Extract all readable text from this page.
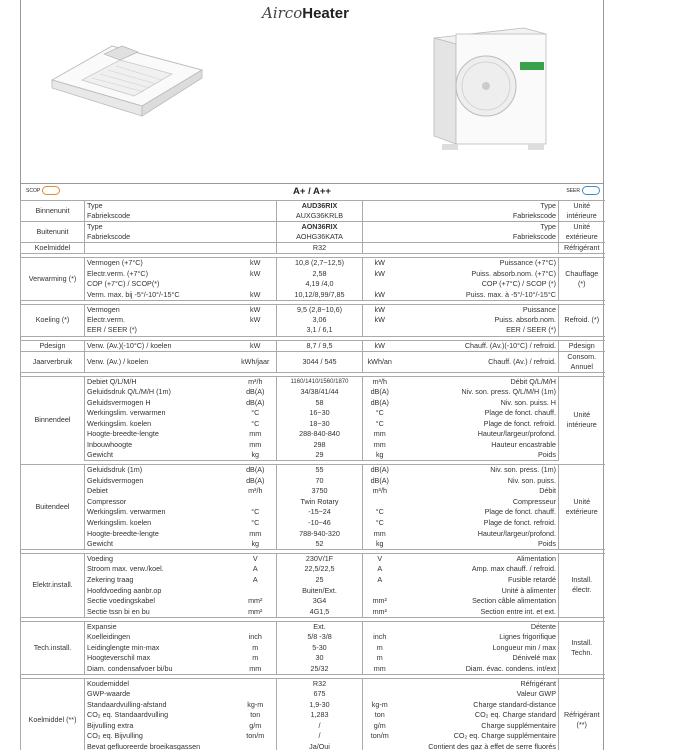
AircoHeater
SCOP	A+ / A++	SEER
Binnenunit	Type		AUD36RIX		Type	Unité intérieure
	Fabriekscode		AUXG36KRLB		Fabriekscode	
Buitenunit	Type		AON36RIX		Type	Unité extérieure
	Fabriekscode		AOHG36KATA		Fabriekscode	
Koelmiddel			R32			Réfrigérant

Verwarming (*)	Vermogen (+7°C)	kW	10,8 (2,7~12,5)	kW	Puissance (+7°C)	Chauffage (*)
	Electr.verm. (+7°C)	kW	2,58	kW	Puiss. absorb.nom. (+7°C)	
	COP (+7°C) / SCOP(*)		4,19 /4,0		COP (+7°C) / SCOP (*)	
	Verm. max. bij -5°/-10°/-15°C	kW	10,12/8,99/7,85	kW	Puiss. max. à -5°/-10°/-15°C	

Koeling (*)	Vermogen	kW	9,5 (2,8~10,6)	kW	Puissance	Refroid. (*)
	Electr.verm.	kW	3,06	kW	Puiss. absorb.nom.	
	EER / SEER (*)		3,1 / 6,1		EER / SEER (*)	

Pdesign	Verw. (Av.)(-10°C) / koelen	kW	8,7 / 9,5	kW	Chauff. (Av.)(-10°C) / refroid.	Pdesign
Jaarverbruik	Verw. (Av.) / koelen	kWh/jaar	3044 / 545	kWh/an	Chauff. (Av.) / refroid.	Consom. Annuel

Binnendeel	Debiet Q/L/M/H	m³/h	1160/1410/1560/1870	m³/h	Débit Q/L/M/H	Unité intérieure
	Geluidsdruk Q/L/M/H (1m)	dB(A)	34/38/41/44	dB(A)	Niv. son. press. Q/L/M/H (1m)	
	Geluidsvermogen H	dB(A)	58	dB(A)	Niv. son. puiss. H	
	Werkingslim. verwarmen	°C	16~30	°C	Plage de fonct. chauff.	
	Werkingslim. koelen	°C	18~30	°C	Plage de fonct. refroid.	
	Hoogte-breedte-lengte	mm	288-840-840	mm	Hauteur/largeur/profond.	
	Inbouwhoogte	mm	298	mm	Hauteur encastrable	
	Gewicht	kg	29	kg	Poids	

Buitendeel	Geluidsdruk (1m)	dB(A)	55	dB(A)	Niv. son. press. (1m)	Unité extérieure
	Geluidsvermogen	dB(A)	70	dB(A)	Niv. son. puiss.	
	Debiet	m³/h	3750	m³/h	Débit	
	Compressor		Twin Rotary		Compresseur	
	Werkingslim. verwarmen	°C	-15~24	°C	Plage de fonct. chauff.	
	Werkingslim. koelen	°C	-10~46	°C	Plage de fonct. refroid.	
	Hoogte-breedte-lengte	mm	788-940-320	mm	Hauteur/largeur/profond.	
	Gewicht	kg	52	kg	Poids	

Elektr.install.	Voeding	V	230V/1F	V	Alimentation	Install. électr.
	Stroom max. verw./koel.	A	22,5/22,5	A	Amp. max chauff. / refroid.	
	Zekering traag	A	25	A	Fusible retardé	
	Hoofdvoeding aanbr.op		Buiten/Ext.		Unité à alimenter	
	Sectie voedingskabel	mm²	3G4	mm²	Section câble alimentation	
	Sectie tssn bi en bu	mm²	4G1,5	mm²	Section entre int. et ext.	

Tech.install.	Expansie		Ext.		Détente	Install. Techn.
	Koelleidingen	inch	5/8 -3/8	inch	Lignes frigorifique	
	Leidinglengte min-max	m	5-30	m	Longueur min / max	
	Hoogteverschil max	m	30	m	Dénivelé max	
	Diam. condensafvoer bi/bu	mm	25/32	mm	Diam. évac. condens. int/ext	

Koelmiddel (**)	Koudemiddel		R32		Réfrigérant	Réfrigérant (**)
	GWP-waarde		675		Valeur GWP	
	Standaardvulling-afstand	kg-m	1,9-30	kg-m	Charge standard-distance	
	CO₂ eq. Standaardvulling	ton	1,283	ton	CO₂ eq. Charge standard	
	Bijvulling extra	g/m	/	g/m	Charge supplémentaire	
	CO₂ eq. Bijvulling	ton/m	/	ton/m	CO₂ eq. Charge supplémentaire	
	Bevat gefluoreerde broeikasgassen		Ja/Oui		Contient des gaz à effet de serre fluorés	
